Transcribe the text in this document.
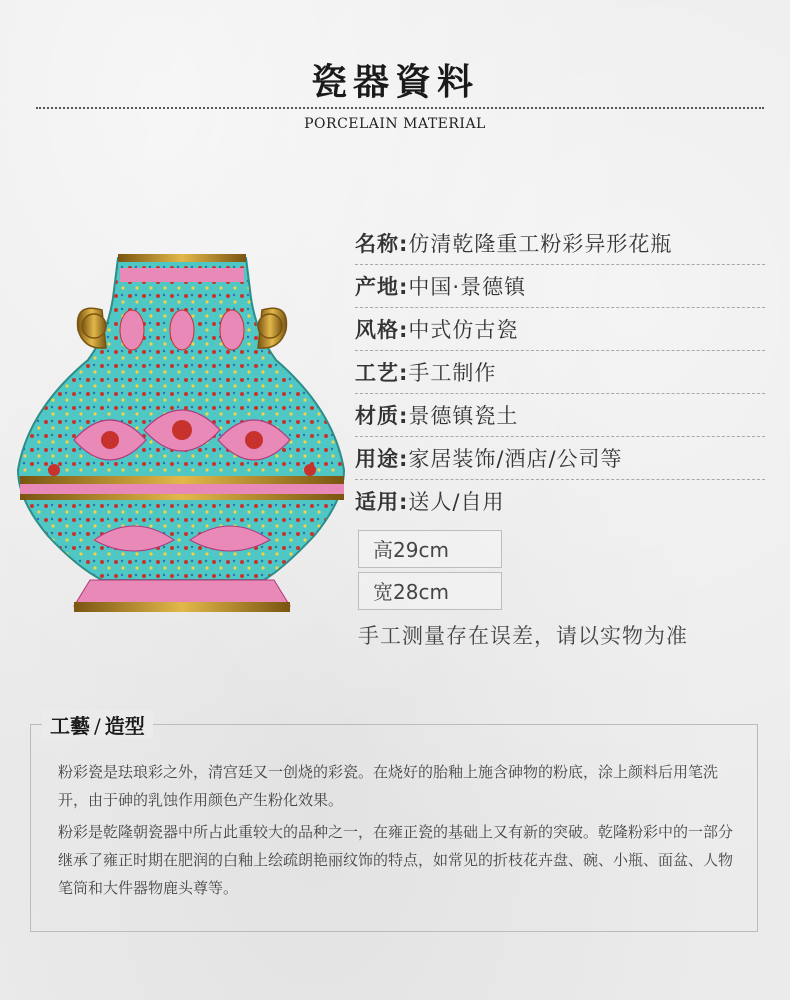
瓷器資料
PORCELAIN MATERIAL
名称: 仿清乾隆重工粉彩异形花瓶
产地: 中国·景德镇
风格: 中式仿古瓷
工艺: 手工制作
材质: 景德镇瓷土
用途: 家居装饰/酒店/公司等
适用: 送人/自用
高29cm
宽28cm
手工测量存在误差，请以实物为准
工藝 / 造型
粉彩瓷是珐琅彩之外，清宫廷又一创烧的彩瓷。在烧好的胎釉上施含砷物的粉底，涂上颜料后用笔洗开，由于砷的乳蚀作用颜色产生粉化效果。
粉彩是乾隆朝瓷器中所占此重较大的品种之一，在雍正瓷的基础上又有新的突破。乾隆粉彩中的一部分继承了雍正时期在肥润的白釉上绘疏朗艳丽纹饰的特点，如常见的折枝花卉盘、碗、小瓶、面盆、人物笔筒和大件器物鹿头尊等。
